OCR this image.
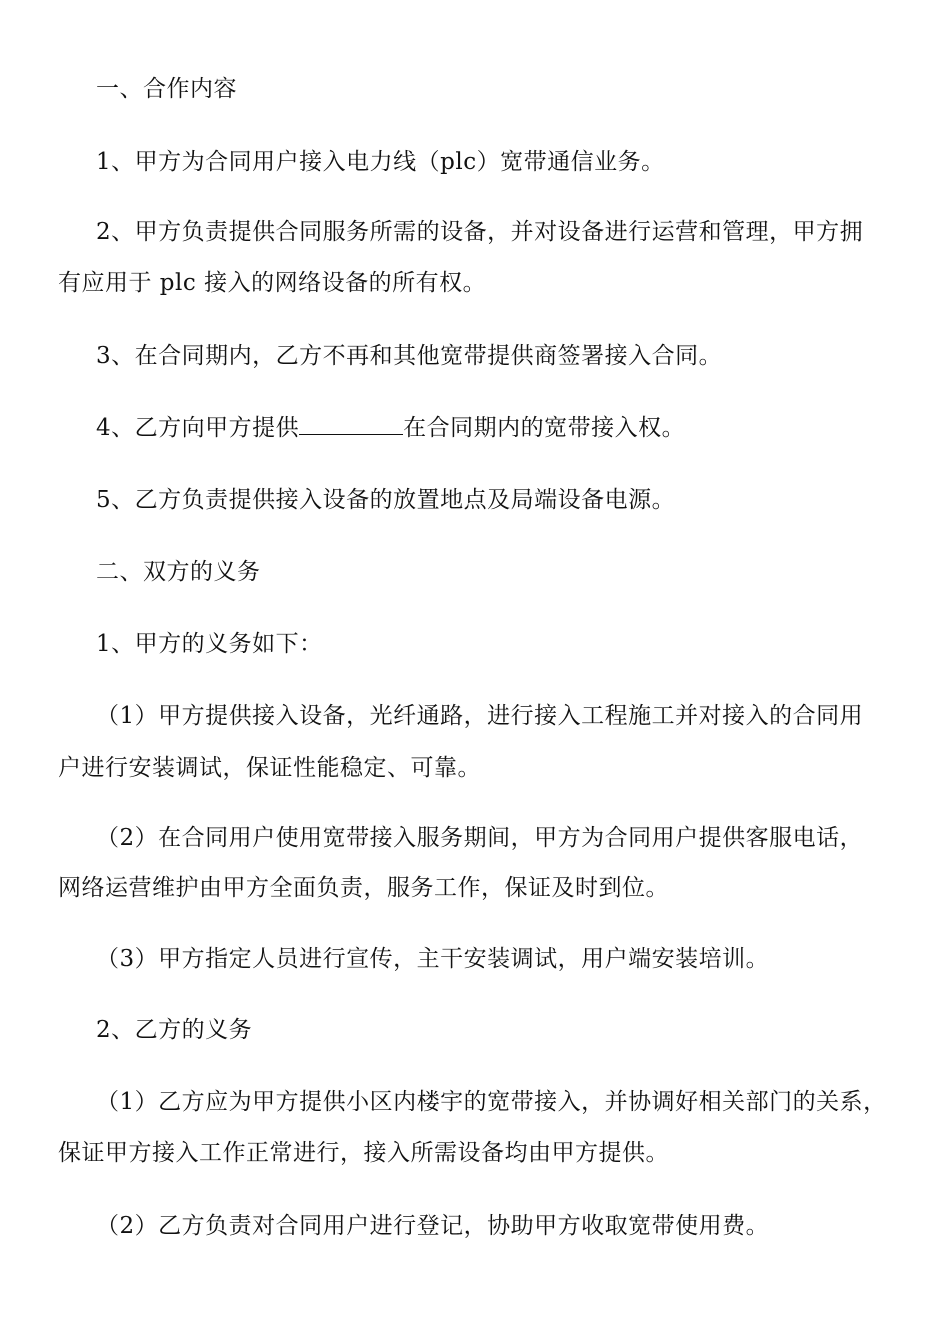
一、合作内容
1、甲方为合同用户接入电力线（plc）宽带通信业务。
2、甲方负责提供合同服务所需的设备，并对设备进行运营和管理，甲方拥
有应用于 plc 接入的网络设备的所有权。
3、在合同期内，乙方不再和其他宽带提供商签署接入合同。
4、乙方向甲方提供	在合同期内的宽带接入权。
5、乙方负责提供接入设备的放置地点及局端设备电源。
二、双方的义务
1、甲方的义务如下：
（1）甲方提供接入设备，光纤通路，进行接入工程施工并对接入的合同用
户进行安装调试，保证性能稳定、可靠。
（2）在合同用户使用宽带接入服务期间，甲方为合同用户提供客服电话，
网络运营维护由甲方全面负责，服务工作，保证及时到位。
（3）甲方指定人员进行宣传，主干安装调试，用户端安装培训。
2、乙方的义务
（1）乙方应为甲方提供小区内楼宇的宽带接入，并协调好相关部门的关系，
保证甲方接入工作正常进行，接入所需设备均由甲方提供。
（2）乙方负责对合同用户进行登记，协助甲方收取宽带使用费。
